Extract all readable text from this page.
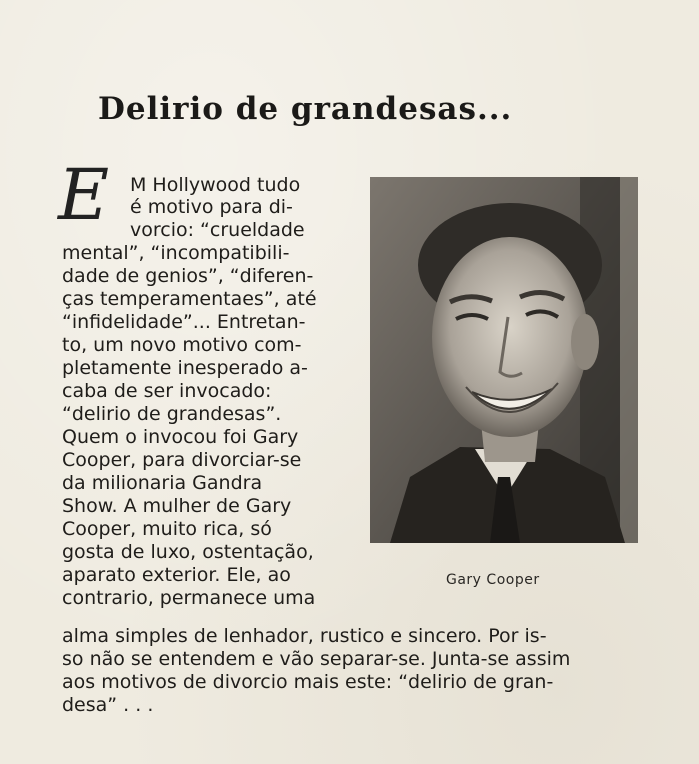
Delirio de grandesas...
E M Hollywood tudo
é motivo para di-
vorcio: “crueldade
mental”, “incompatibili-
dade de genios”, “diferen-
ças temperamentaes”, até
“infidelidade”... Entretan-
to, um novo motivo com-
pletamente inesperado a-
caba de ser invocado:
“delirio de grandesas”.
Quem o invocou foi Gary
Cooper, para divorciar-se
da milionaria Gandra
Show. A mulher de Gary
Cooper, muito rica, só
gosta de luxo, ostentação,
aparato exterior. Ele, ao
contrario, permanece uma
alma simples de lenhador, rustico e sincero. Por is-
so não se entendem e vão separar-se. Junta-se assim
aos motivos de divorcio mais este: “delirio de gran-
desa” . . .
Gary Cooper
